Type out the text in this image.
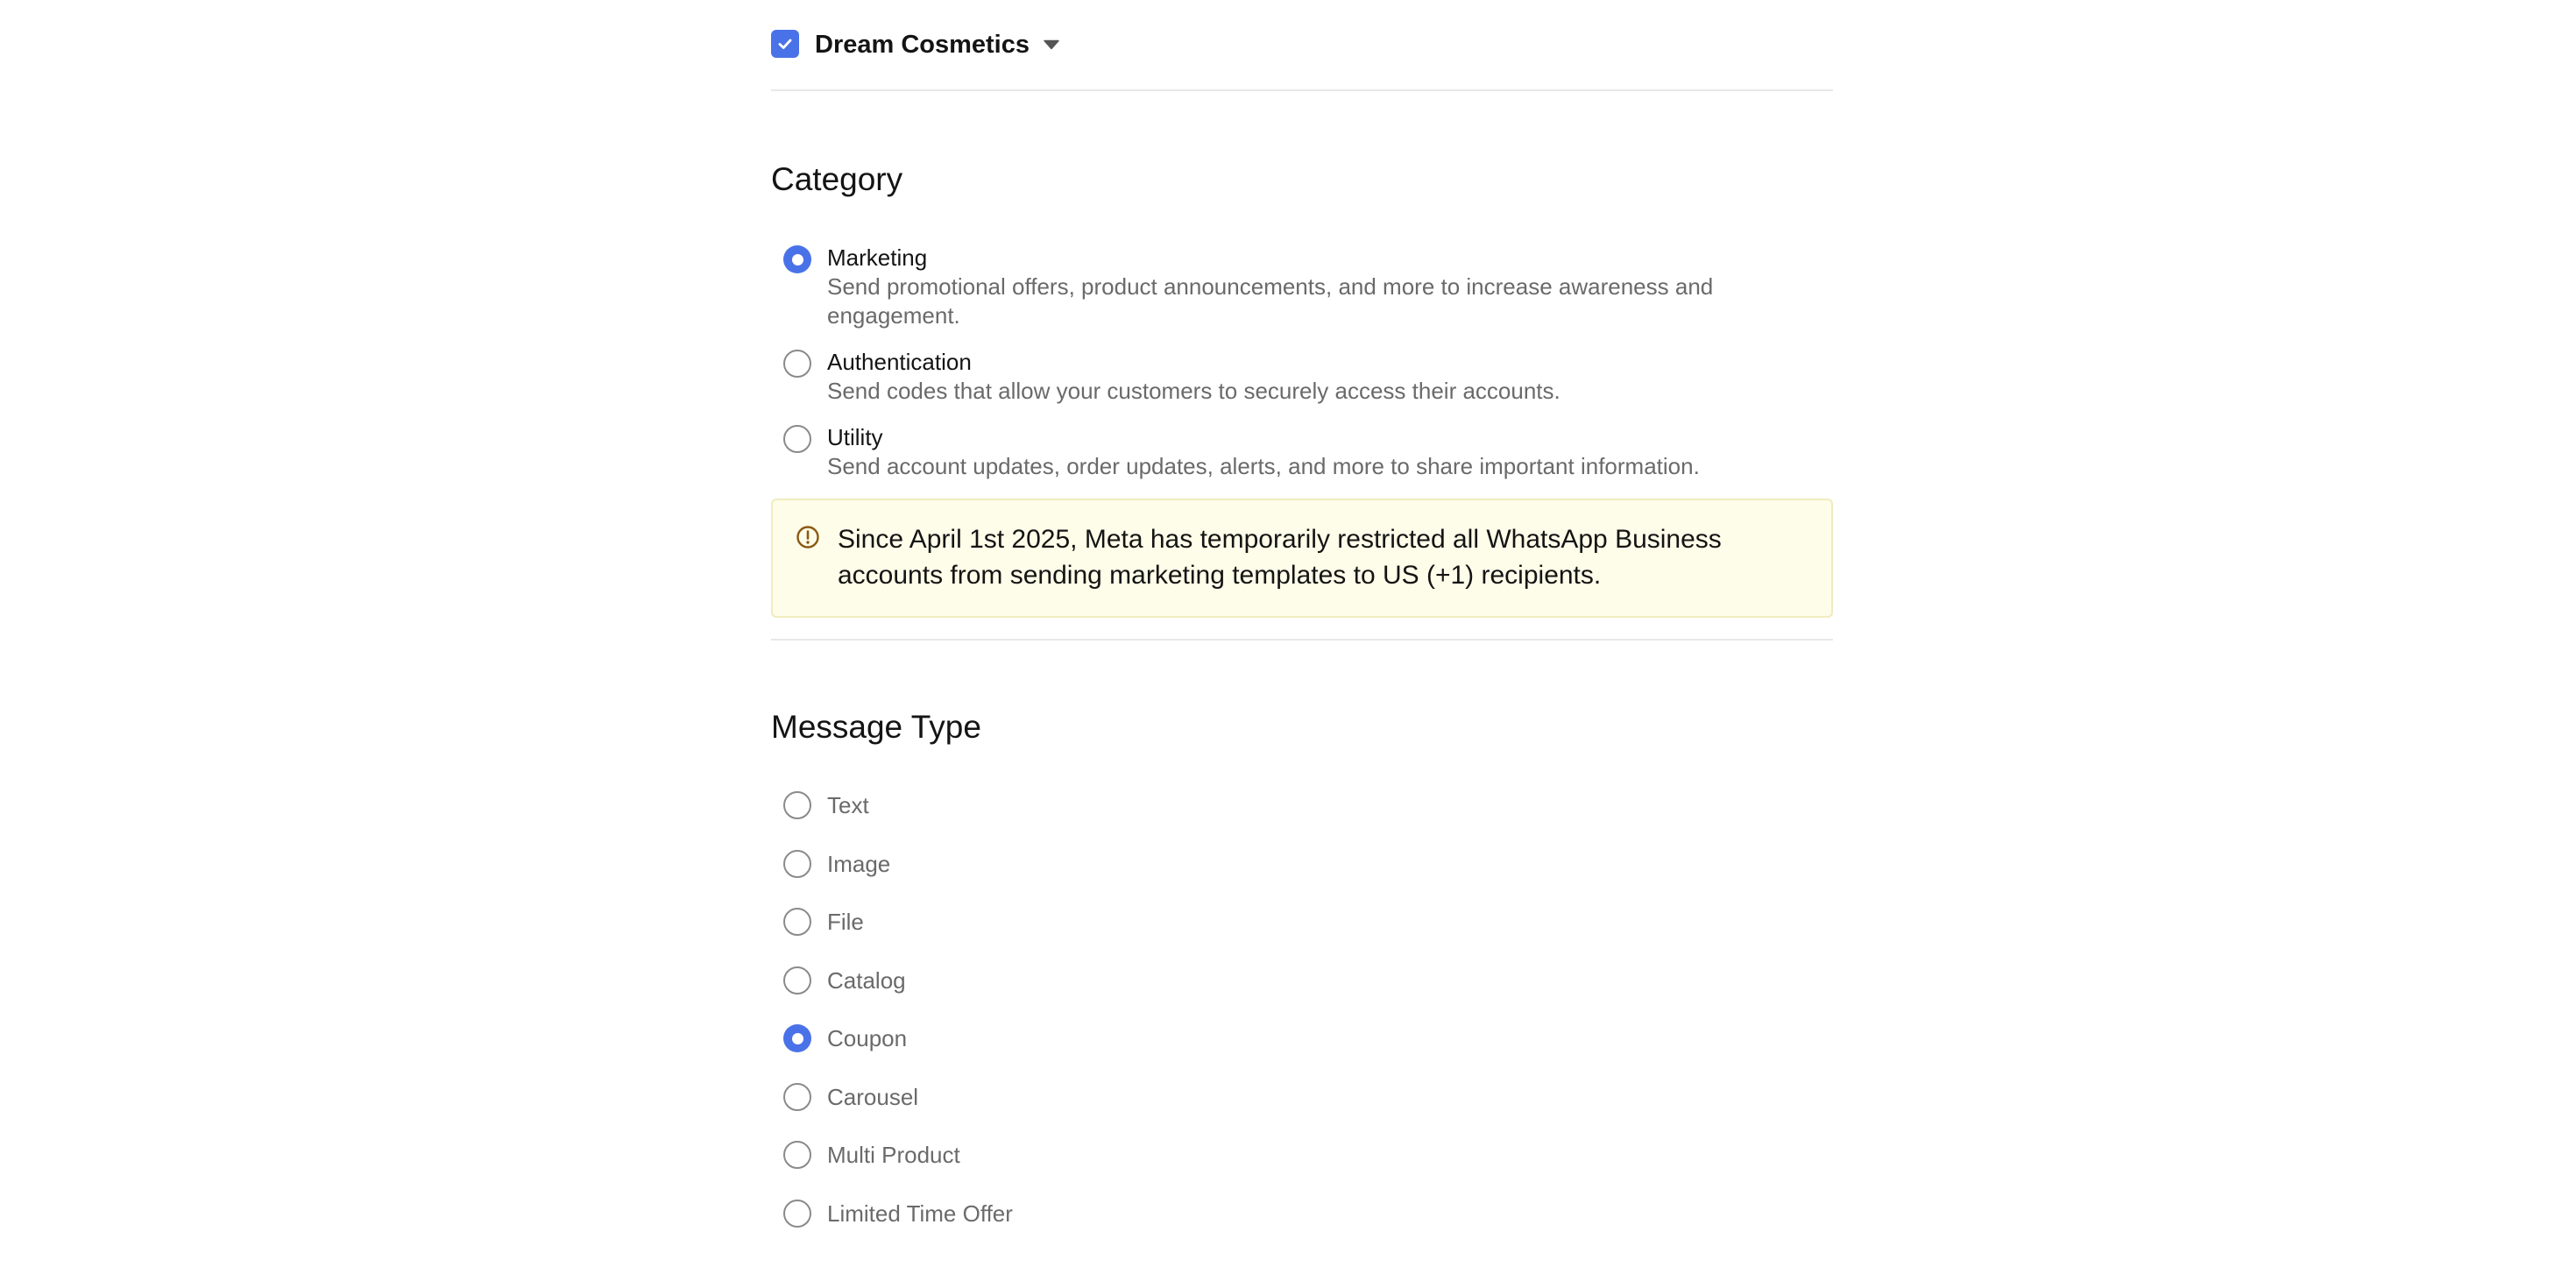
Dream Cosmetics
Category
Marketing
Send promotional offers, product announcements, and more to increase awareness and engagement.
Authentication
Send codes that allow your customers to securely access their accounts.
Utility
Send account updates, order updates, alerts, and more to share important information.
Since April 1st 2025, Meta has temporarily restricted all WhatsApp Business accounts from sending marketing templates to US (+1) recipients.
Message Type
Text
Image
File
Catalog
Coupon
Carousel
Multi Product
Limited Time Offer
